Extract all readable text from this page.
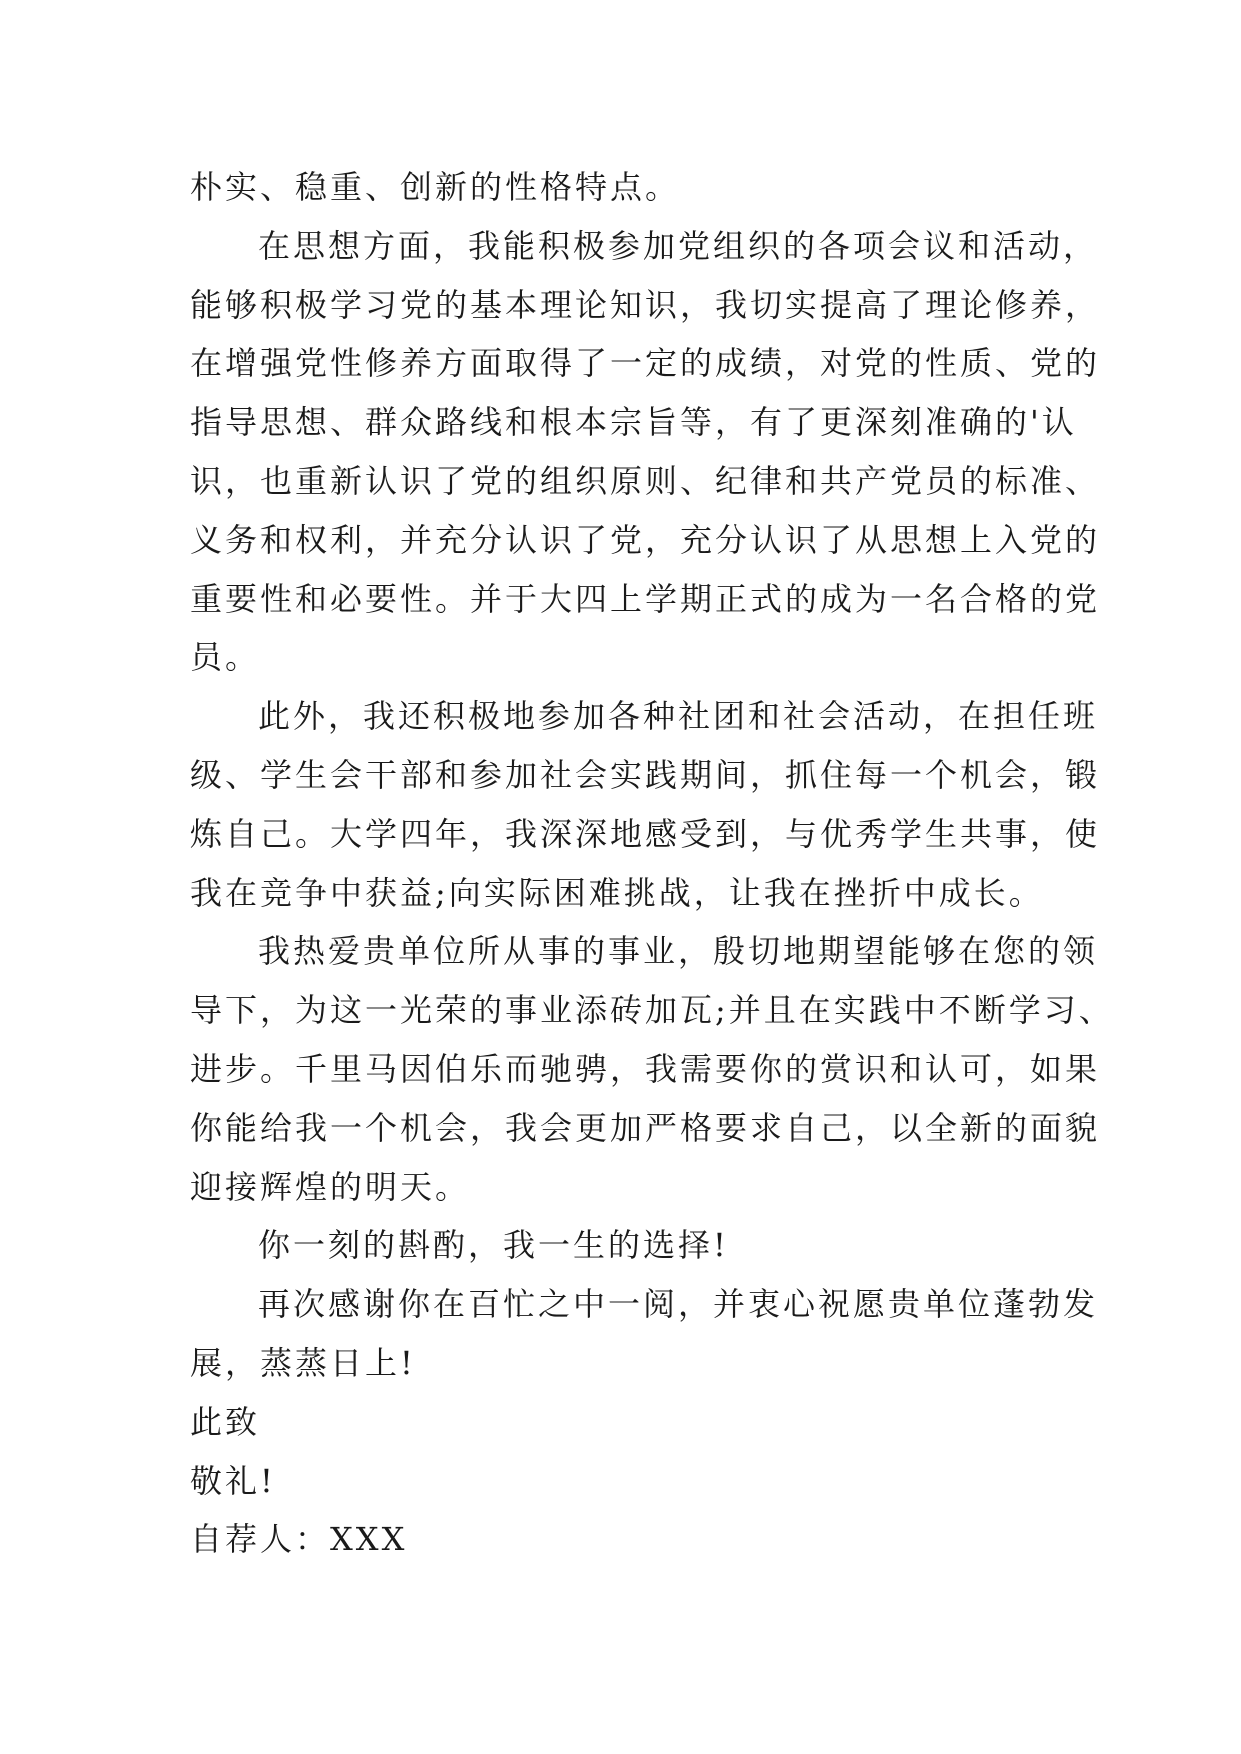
朴实、稳重、创新的性格特点。
在思想方面，我能积极参加党组织的各项会议和活动，
能够积极学习党的基本理论知识，我切实提高了理论修养，
在增强党性修养方面取得了一定的成绩，对党的性质、党的
指导思想、群众路线和根本宗旨等，有了更深刻准确的'认
识，也重新认识了党的组织原则、纪律和共产党员的标准、
义务和权利，并充分认识了党，充分认识了从思想上入党的
重要性和必要性。并于大四上学期正式的成为一名合格的党
员。
此外，我还积极地参加各种社团和社会活动，在担任班
级、学生会干部和参加社会实践期间，抓住每一个机会，锻
炼自己。大学四年，我深深地感受到，与优秀学生共事，使
我在竞争中获益;向实际困难挑战，让我在挫折中成长。
我热爱贵单位所从事的事业，殷切地期望能够在您的领
导下，为这一光荣的事业添砖加瓦;并且在实践中不断学习、
进步。千里马因伯乐而驰骋，我需要你的赏识和认可，如果
你能给我一个机会，我会更加严格要求自己，以全新的面貌
迎接辉煌的明天。
你一刻的斟酌，我一生的选择!
再次感谢你在百忙之中一阅，并衷心祝愿贵单位蓬勃发
展，蒸蒸日上!
此致
敬礼!
自荐人：XXX
